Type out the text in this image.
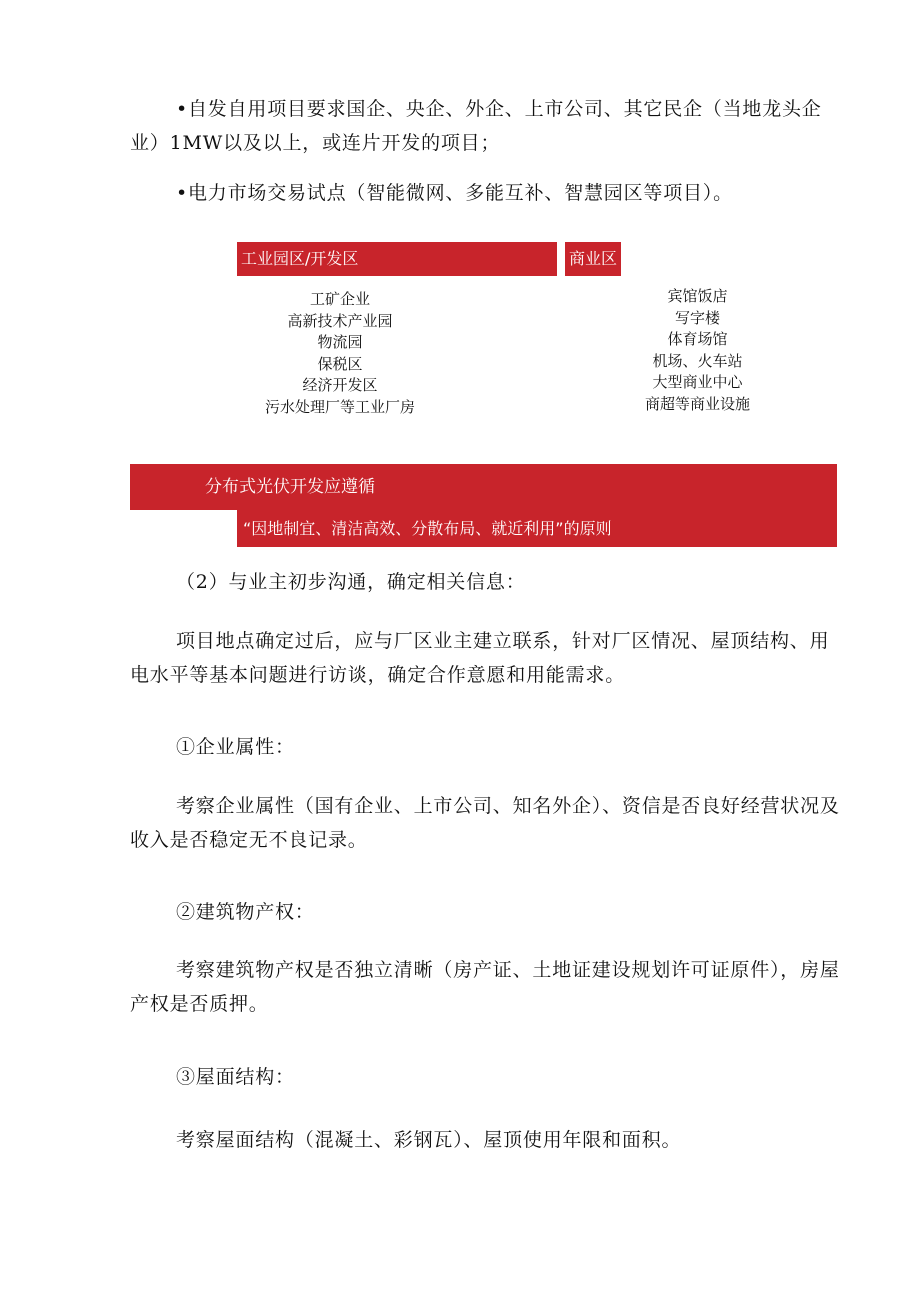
•自发自用项目要求国企、央企、外企、上市公司、其它民企（当地龙头企业）1MW以及以上，或连片开发的项目；

•电力市场交易试点（智能微网、多能互补、智慧园区等项目）。

工业园区/开发区	商业区
工矿企业
高新技术产业园
物流园
保税区
经济开发区
污水处理厂等工业厂房
宾馆饭店
写字楼
体育场馆
机场、火车站
大型商业中心
商超等商业设施
分布式光伏开发应遵循
“因地制宜、清洁高效、分散布局、就近利用”的原则

（2）与业主初步沟通，确定相关信息：

项目地点确定过后，应与厂区业主建立联系，针对厂区情况、屋顶结构、用电水平等基本问题进行访谈，确定合作意愿和用能需求。

①企业属性：

考察企业属性（国有企业、上市公司、知名外企）、资信是否良好经营状况及收入是否稳定无不良记录。

②建筑物产权：

考察建筑物产权是否独立清晰（房产证、土地证建设规划许可证原件），房屋产权是否质押。

③屋面结构：

考察屋面结构（混凝土、彩钢瓦）、屋顶使用年限和面积。
